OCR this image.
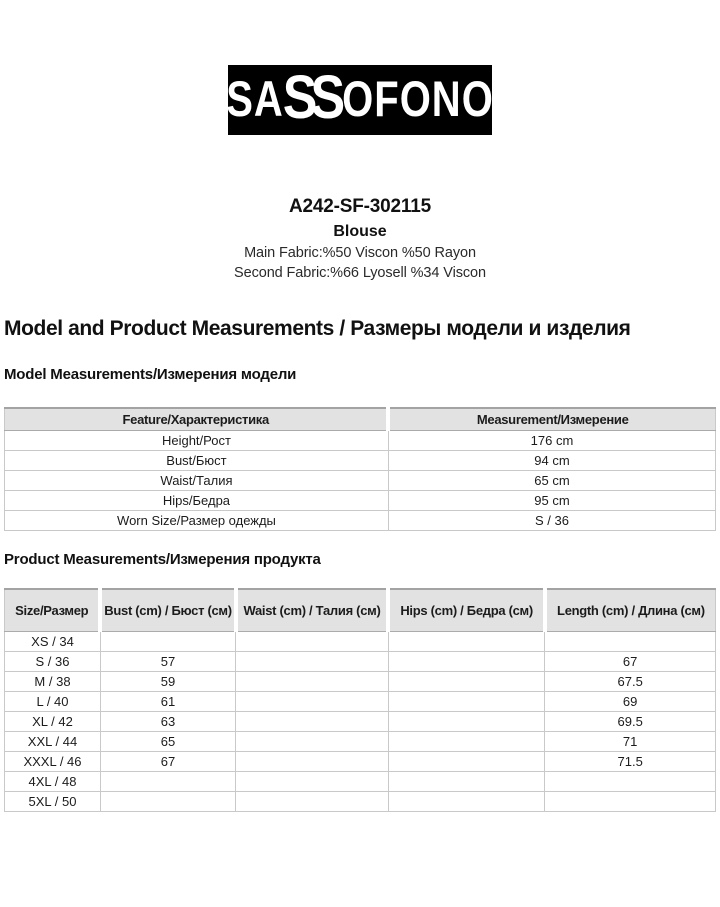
SA SS OFONO
A242-SF-302115
Blouse
Main Fabric:%50 Viscon %50 Rayon
Second Fabric:%66 Lyosell %34 Viscon
Model and Product Measurements / Размеры модели и изделия
Model Measurements/Измерения модели
Feature/Характеристика	Measurement/Измерение
Height/Рост	176 cm
Bust/Бюст	94 cm
Waist/Талия	65 cm
Hips/Бедра	95 cm
Worn Size/Размер одежды	S / 36
Product Measurements/Измерения продукта
Size/Размер	Bust (cm) / Бюст (см)	Waist (cm) / Талия (см)	Hips (cm) / Бедра (см)	Length (cm) / Длина (см)
XS / 34				
S / 36	57			67
M / 38	59			67.5
L / 40	61			69
XL / 42	63			69.5
XXL / 44	65			71
XXXL / 46	67			71.5
4XL / 48				
5XL / 50				
